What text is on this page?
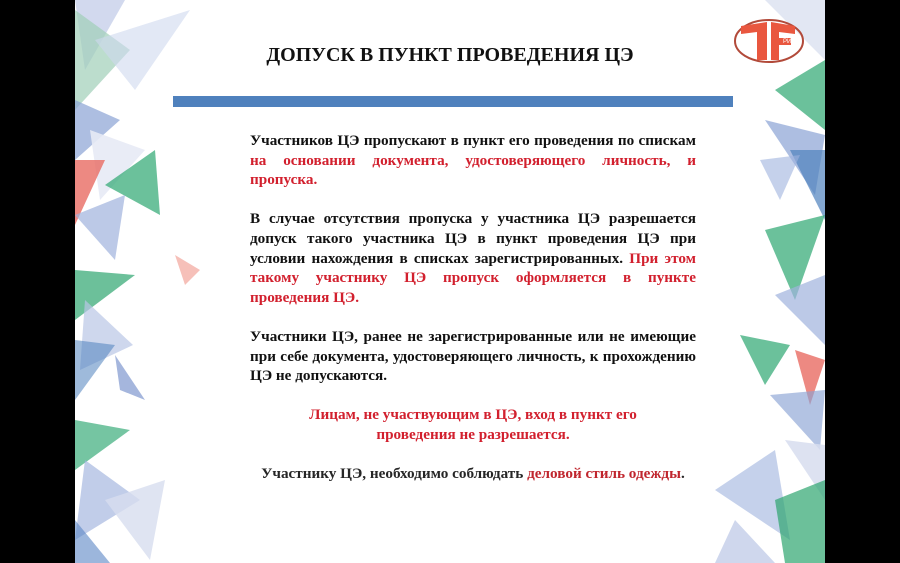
РИКЗ
ДОПУСК В ПУНКТ ПРОВЕДЕНИЯ ЦЭ

Участников ЦЭ пропускают в пункт его проведения по спискам на основании документа, удостоверяющего личность, и пропуска.

В случае отсутствия пропуска у участника ЦЭ разрешается допуск такого участника ЦЭ в пункт проведения ЦЭ при условии нахождения в списках зарегистрированных. При этом такому участнику ЦЭ пропуск оформляется в пункте проведения ЦЭ.

Участники ЦЭ, ранее не зарегистрированные или не имеющие при себе документа, удостоверяющего личность, к прохождению ЦЭ не допускаются.

Лицам, не участвующим в ЦЭ, вход в пункт его
проведения не разрешается.

Участнику ЦЭ, необходимо соблюдать деловой стиль одежды.
